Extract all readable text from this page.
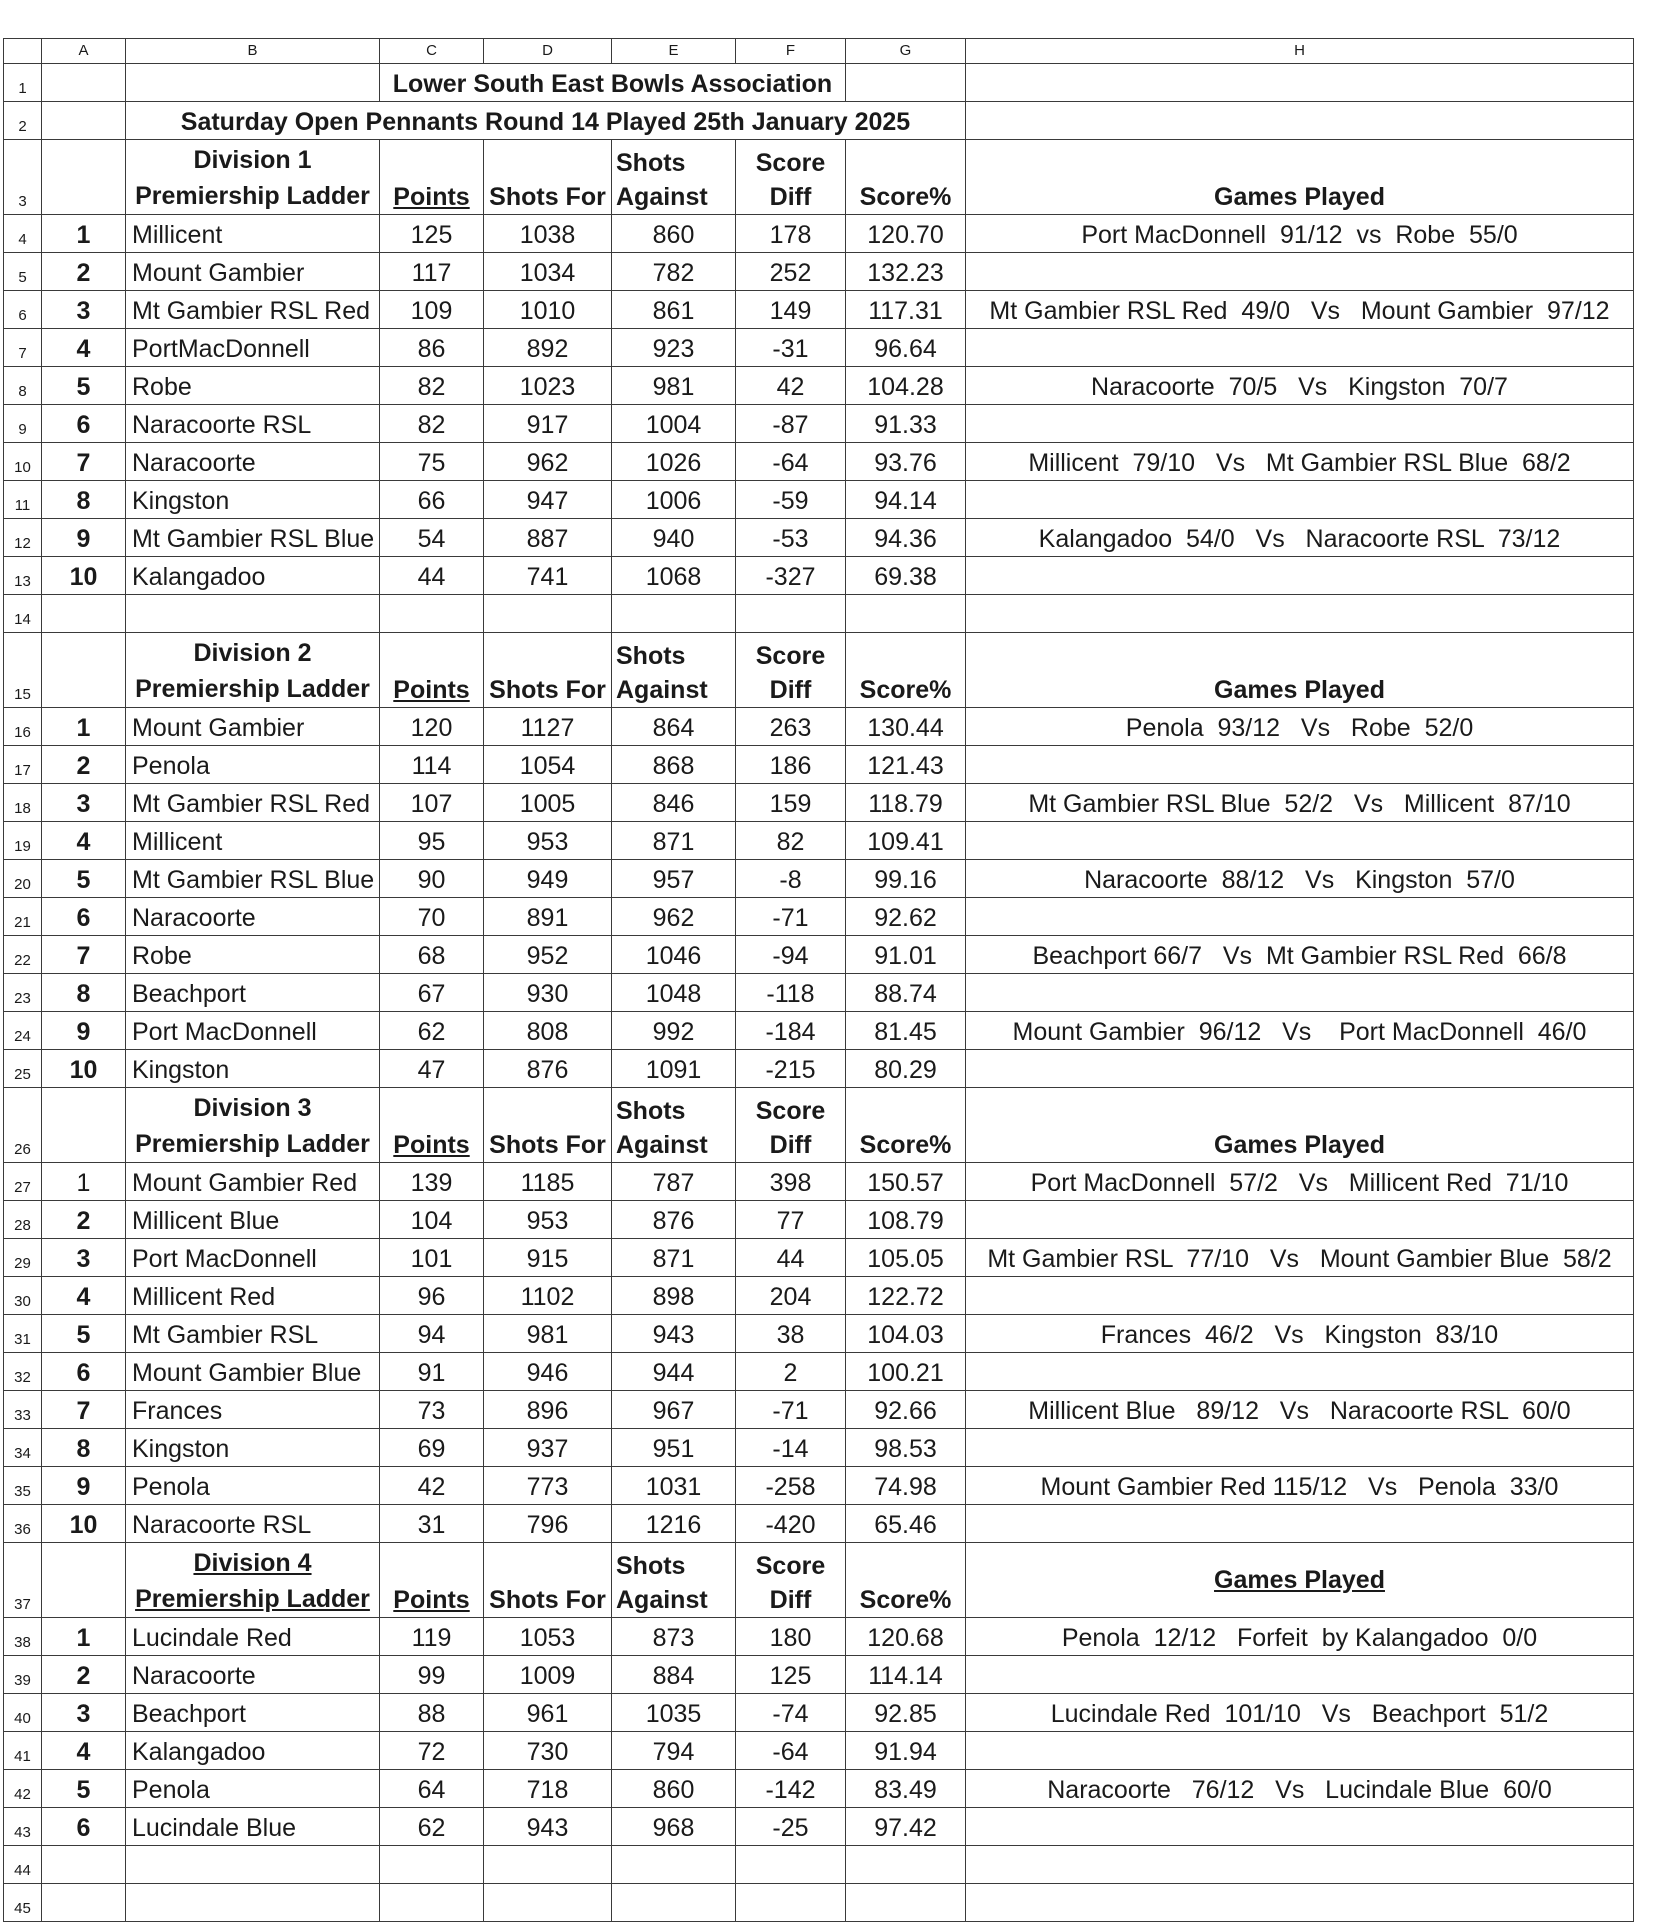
	A	B	C	D	E	F	G	H
1			Lower South East Bowls Association					
2		Saturday Open Pennants Round 14 Played 25th January 2025						
3		Division 1
Premiership Ladder	Points	Shots For	Shots
Against	Score
Diff	Score%	Games Played
4	1	Millicent	125	1038	860	178	120.70	Port MacDonnell  91/12  vs  Robe  55/0
5	2	Mount Gambier	117	1034	782	252	132.23	
6	3	Mt Gambier RSL Red	109	1010	861	149	117.31	Mt Gambier RSL Red  49/0   Vs   Mount Gambier  97/12
7	4	PortMacDonnell	86	892	923	-31	96.64	
8	5	Robe	82	1023	981	42	104.28	Naracoorte  70/5   Vs   Kingston  70/7
9	6	Naracoorte RSL	82	917	1004	-87	91.33	
10	7	Naracoorte	75	962	1026	-64	93.76	Millicent  79/10   Vs   Mt Gambier RSL Blue  68/2
11	8	Kingston	66	947	1006	-59	94.14	
12	9	Mt Gambier RSL Blue	54	887	940	-53	94.36	Kalangadoo  54/0   Vs   Naracoorte RSL  73/12
13	10	Kalangadoo	44	741	1068	-327	69.38	
14								
15		Division 2
Premiership Ladder	Points	Shots For	Shots
Against	Score
Diff	Score%	Games Played
16	1	Mount Gambier	120	1127	864	263	130.44	Penola  93/12   Vs   Robe  52/0
17	2	Penola	114	1054	868	186	121.43	
18	3	Mt Gambier RSL Red	107	1005	846	159	118.79	Mt Gambier RSL Blue  52/2   Vs   Millicent  87/10
19	4	Millicent	95	953	871	82	109.41	
20	5	Mt Gambier RSL Blue	90	949	957	-8	99.16	Naracoorte  88/12   Vs   Kingston  57/0
21	6	Naracoorte	70	891	962	-71	92.62	
22	7	Robe	68	952	1046	-94	91.01	Beachport 66/7   Vs  Mt Gambier RSL Red  66/8
23	8	Beachport	67	930	1048	-118	88.74	
24	9	Port MacDonnell	62	808	992	-184	81.45	Mount Gambier  96/12   Vs    Port MacDonnell  46/0
25	10	Kingston	47	876	1091	-215	80.29	
26		Division 3
Premiership Ladder	Points	Shots For	Shots
Against	Score
Diff	Score%	Games Played
27	1	Mount Gambier Red	139	1185	787	398	150.57	Port MacDonnell  57/2   Vs   Millicent Red  71/10
28	2	Millicent Blue	104	953	876	77	108.79	
29	3	Port MacDonnell	101	915	871	44	105.05	Mt Gambier RSL  77/10   Vs   Mount Gambier Blue  58/2
30	4	Millicent Red	96	1102	898	204	122.72	
31	5	Mt Gambier RSL	94	981	943	38	104.03	Frances  46/2   Vs   Kingston  83/10
32	6	Mount Gambier Blue	91	946	944	2	100.21	
33	7	Frances	73	896	967	-71	92.66	Millicent Blue   89/12   Vs   Naracoorte RSL  60/0
34	8	Kingston	69	937	951	-14	98.53	
35	9	Penola	42	773	1031	-258	74.98	Mount Gambier Red 115/12   Vs   Penola  33/0
36	10	Naracoorte RSL	31	796	1216	-420	65.46	
37		Division 4
Premiership Ladder	Points	Shots For	Shots
Against	Score
Diff	Score%	Games Played
38	1	Lucindale Red	119	1053	873	180	120.68	Penola  12/12   Forfeit  by Kalangadoo  0/0
39	2	Naracoorte	99	1009	884	125	114.14	
40	3	Beachport	88	961	1035	-74	92.85	Lucindale Red  101/10   Vs   Beachport  51/2
41	4	Kalangadoo	72	730	794	-64	91.94	
42	5	Penola	64	718	860	-142	83.49	Naracoorte   76/12   Vs   Lucindale Blue  60/0
43	6	Lucindale Blue	62	943	968	-25	97.42	
44								
45								
